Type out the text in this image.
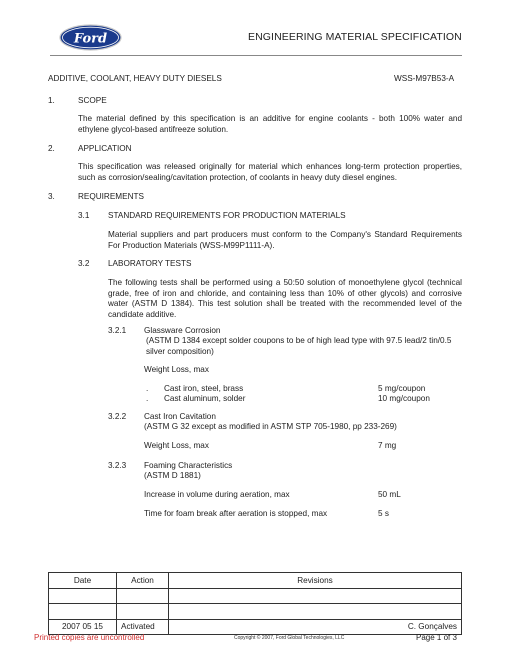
Ford	ENGINEERING MATERIAL SPECIFICATION
ADDITIVE, COOLANT, HEAVY DUTY DIESELS	WSS-M97B53-A
1.	SCOPE
The material defined by this specification is an additive for engine coolants - both 100% water and ethylene glycol-based antifreeze solution.
2.	APPLICATION
This specification was released originally for material which enhances long-term protection properties, such as corrosion/sealing/cavitation protection, of coolants in heavy duty diesel engines.
3.	REQUIREMENTS
3.1 STANDARD REQUIREMENTS FOR PRODUCTION MATERIALS
Material suppliers and part producers must conform to the Company's Standard Requirements For Production Materials (WSS-M99P1111-A).
3.2 LABORATORY TESTS
The following tests shall be performed using a 50:50 solution of monoethylene glycol (technical grade, free of iron and chloride, and containing less than 10% of other glycols) and corrosive water (ASTM D 1384). This test solution shall be treated with the recommended level of the candidate additive.
3.2.1 Glassware Corrosion
(ASTM D 1384 except solder coupons to be of high lead type with 97.5 lead/2 tin/0.5 silver composition)
Weight Loss, max
. Cast iron, steel, brass	5 mg/coupon
. Cast aluminum, solder	10 mg/coupon
3.2.2 Cast Iron Cavitation
(ASTM G 32 except as modified in ASTM STP 705-1980, pp 233-269)
Weight Loss, max	7 mg
3.2.3 Foaming Characteristics
(ASTM D 1881)
Increase in volume during aeration, max	50 mL
Time for foam break after aeration is stopped, max	5 s
Date	Action	Revisions

2007 05 15	Activated	C. Gonçalves
Printed copies are uncontrolled	Copyright © 2007, Ford Global Technologies, LLC	Page 1 of 3
